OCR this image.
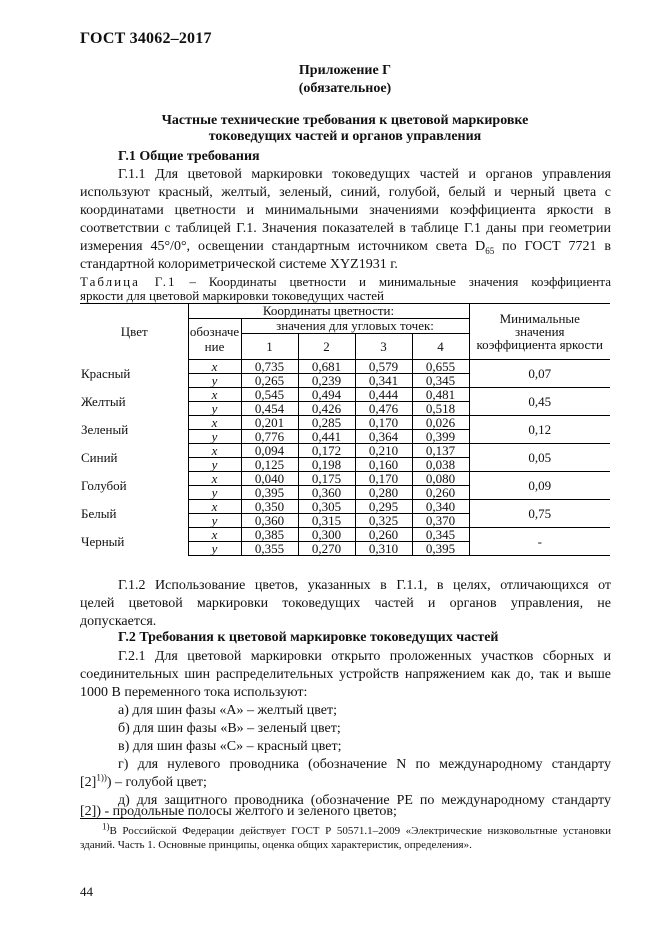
ГОСТ 34062–2017
Приложение Г
(обязательное)
Частные технические требования к цветовой маркировке
токоведущих частей и органов управления
Г.1 Общие требования
Г.1.1 Для цветовой маркировки токоведущих частей и органов управления
используют красный, желтый, зеленый, синий, голубой, белый и черный цвета с
координатами цветности и минимальными значениями коэффициента яркости в
соответствии с таблицей Г.1. Значения показателей в таблице Г.1 даны при геометрии
измерения 45°/0°, освещении стандартным источником света $D_{65}$ по ГОСТ 7721 в
стандартной колориметрической системе XYZ1931 г.
Таблица Г.1 – Координаты цветности и минимальные значения коэффициента
яркости для цветовой маркировки токоведущих частей
Цвет	Координаты цветности:					Минимальные значения коэффициента яркости
	обозначе ние	значения для угловых точек:				
		1	2	3	4	
Красный	x	0,735	0,681	0,579	0,655	0,07
	y	0,265	0,239	0,341	0,345	
Желтый	x	0,545	0,494	0,444	0,481	0,45
	y	0,454	0,426	0,476	0,518	
Зеленый	x	0,201	0,285	0,170	0,026	0,12
	y	0,776	0,441	0,364	0,399	
Синий	x	0,094	0,172	0,210	0,137	0,05
	y	0,125	0,198	0,160	0,038	
Голубой	x	0,040	0,175	0,170	0,080	0,09
	y	0,395	0,360	0,280	0,260	
Белый	x	0,350	0,305	0,295	0,340	0,75
	y	0,360	0,315	0,325	0,370	
Черный	x	0,385	0,300	0,260	0,345	-
	y	0,355	0,270	0,310	0,395	
Г.1.2 Использование цветов, указанных в Г.1.1, в целях, отличающихся от
целей цветовой маркировки токоведущих частей и органов управления, не
допускается.
Г.2 Требования к цветовой маркировке токоведущих частей
Г.2.1 Для цветовой маркировки открыто проложенных участков сборных и
соединительных шин распределительных устройств напряжением как до, так и выше
1000 В переменного тока используют:
а) для шин фазы «А» – желтый цвет;
б) для шин фазы «В» – зеленый цвет;
в) для шин фазы «С» – красный цвет;
г) для нулевого проводника (обозначение N по международному стандарту
$[2]^{1))}$) – голубой цвет;
д) для защитного проводника (обозначение PE по международному стандарту
[2]) - продольные полосы желтого и зеленого цветов;
$^{1)}$В Российской Федерации действует ГОСТ Р 50571.1–2009 «Электрические низковольтные установки зданий. Часть 1. Основные принципы, оценка общих характеристик, определения».
44
